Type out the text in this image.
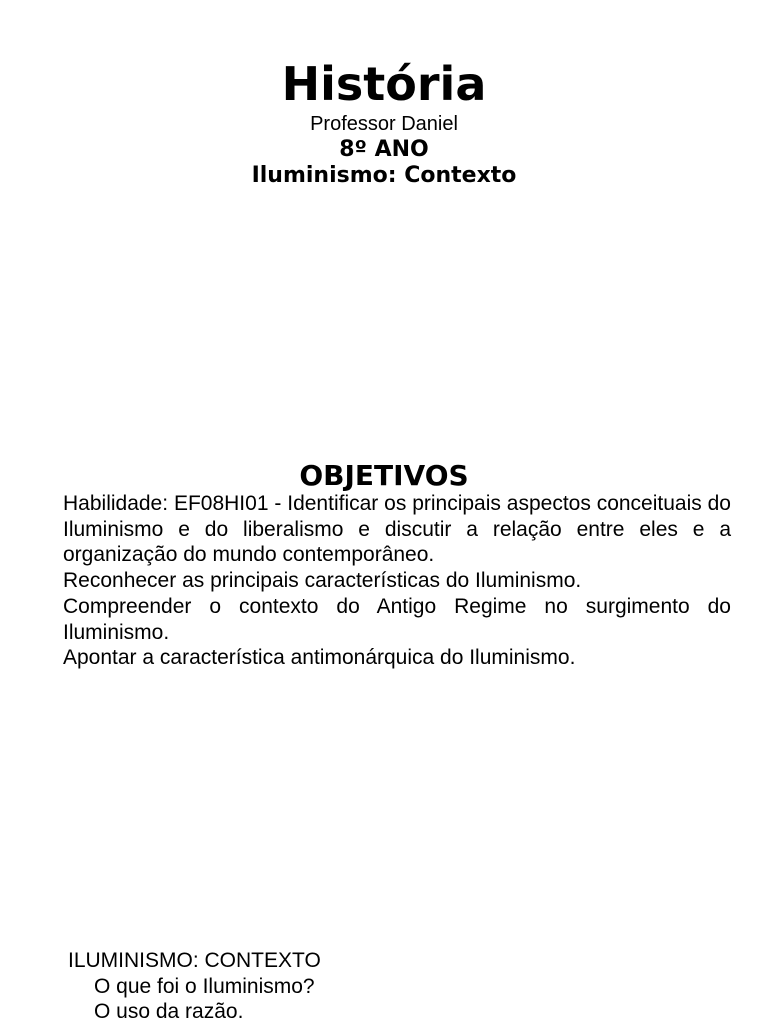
História
Professor Daniel
8º ANO
Iluminismo: Contexto
OBJETIVOS

Habilidade: EF08HI01 - Identificar os principais aspectos conceituais do Iluminismo e do liberalismo e discutir a relação entre eles e a organização do mundo contemporâneo.

Reconhecer as principais características do Iluminismo.

Compreender o contexto do Antigo Regime no surgimento do Iluminismo.

Apontar a característica antimonárquica do Iluminismo.

ILUMINISMO: CONTEXTO

O que foi o Iluminismo?
O uso da razão.
